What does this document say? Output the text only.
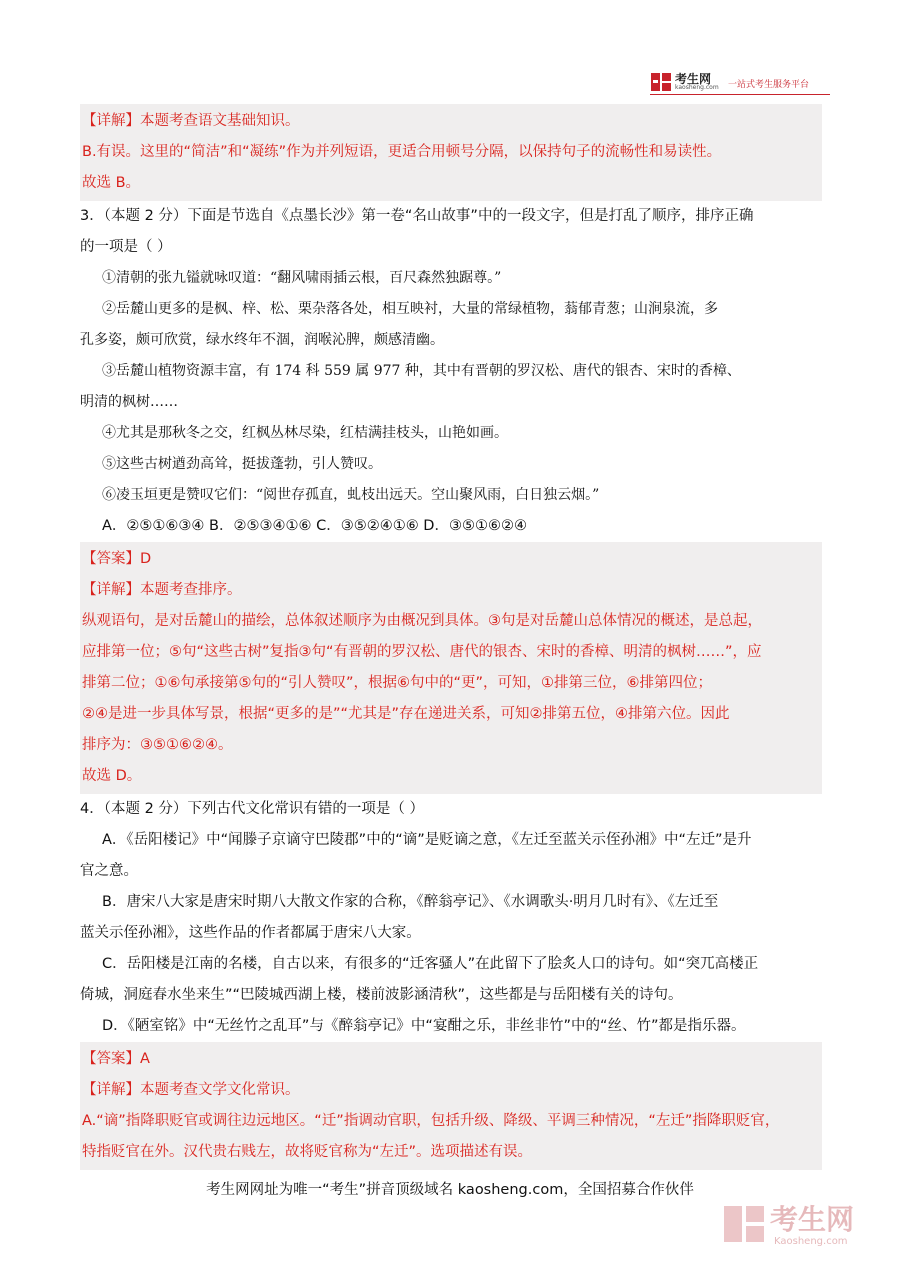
考生网
kaosheng.com 一站式考生服务平台
【详解】本题考查语文基础知识。
B.有误。这里的“简洁”和“凝练”作为并列短语，更适合用顿号分隔，以保持句子的流畅性和易读性。
故选 B。
3．（本题 2 分）下面是节选自《点墨长沙》第一卷“名山故事”中的一段文字，但是打乱了顺序，排序正确
的一项是（ ）
①清朝的张九镒就咏叹道：“翻风啸雨插云根，百尺森然独踞尊。”
②岳麓山更多的是枫、梓、松、栗杂落各处，相互映衬，大量的常绿植物，蓊郁青葱；山涧泉流，多
孔多姿，颇可欣赏，绿水终年不涸，润喉沁脾，颇感清幽。
③岳麓山植物资源丰富，有 174 科 559 属 977 种，其中有晋朝的罗汉松、唐代的银杏、宋时的香樟、
明清的枫树……
④尤其是那秋冬之交，红枫丛林尽染，红桔满挂枝头，山艳如画。
⑤这些古树遒劲高耸，挺拔蓬勃，引人赞叹。
⑥凌玉垣更是赞叹它们：“阅世存孤直，虬枝出远天。空山聚风雨，白日独云烟。”
A．②⑤①⑥③④ B．②⑤③④①⑥ C．③⑤②④①⑥ D．③⑤①⑥②④
【答案】D
【详解】本题考查排序。
纵观语句，是对岳麓山的描绘，总体叙述顺序为由概况到具体。③句是对岳麓山总体情况的概述，是总起，
应排第一位；⑤句“这些古树”复指③句“有晋朝的罗汉松、唐代的银杏、宋时的香樟、明清的枫树……”，应
排第二位；①⑥句承接第⑤句的“引人赞叹”，根据⑥句中的“更”，可知，①排第三位，⑥排第四位；
②④是进一步具体写景，根据“更多的是”“尤其是”存在递进关系，可知②排第五位，④排第六位。因此
排序为：③⑤①⑥②④。
故选 D。
4．（本题 2 分）下列古代文化常识有错的一项是（ ）
A．《岳阳楼记》中“闻滕子京谪守巴陵郡”中的“谪”是贬谪之意，《左迁至蓝关示侄孙湘》中“左迁”是升
官之意。
B．唐宋八大家是唐宋时期八大散文作家的合称，《醉翁亭记》、《水调歌头·明月几时有》、《左迁至
蓝关示侄孙湘》，这些作品的作者都属于唐宋八大家。
C．岳阳楼是江南的名楼，自古以来，有很多的“迁客骚人”在此留下了脍炙人口的诗句。如“突兀高楼正
倚城，洞庭春水坐来生”“巴陵城西湖上楼，楼前波影涵清秋”，这些都是与岳阳楼有关的诗句。
D．《陋室铭》中“无丝竹之乱耳”与《醉翁亭记》中“宴酣之乐，非丝非竹”中的“丝、竹”都是指乐器。
【答案】A
【详解】本题考查文学文化常识。
A.“谪”指降职贬官或调往边远地区。“迁”指调动官职，包括升级、降级、平调三种情况，“左迁”指降职贬官，
特指贬官在外。汉代贵右贱左，故将贬官称为“左迁”。选项描述有误。
考生网网址为唯一“考生”拼音顶级域名 kaosheng.com，全国招募合作伙伴
考生网
Kaosheng.com
